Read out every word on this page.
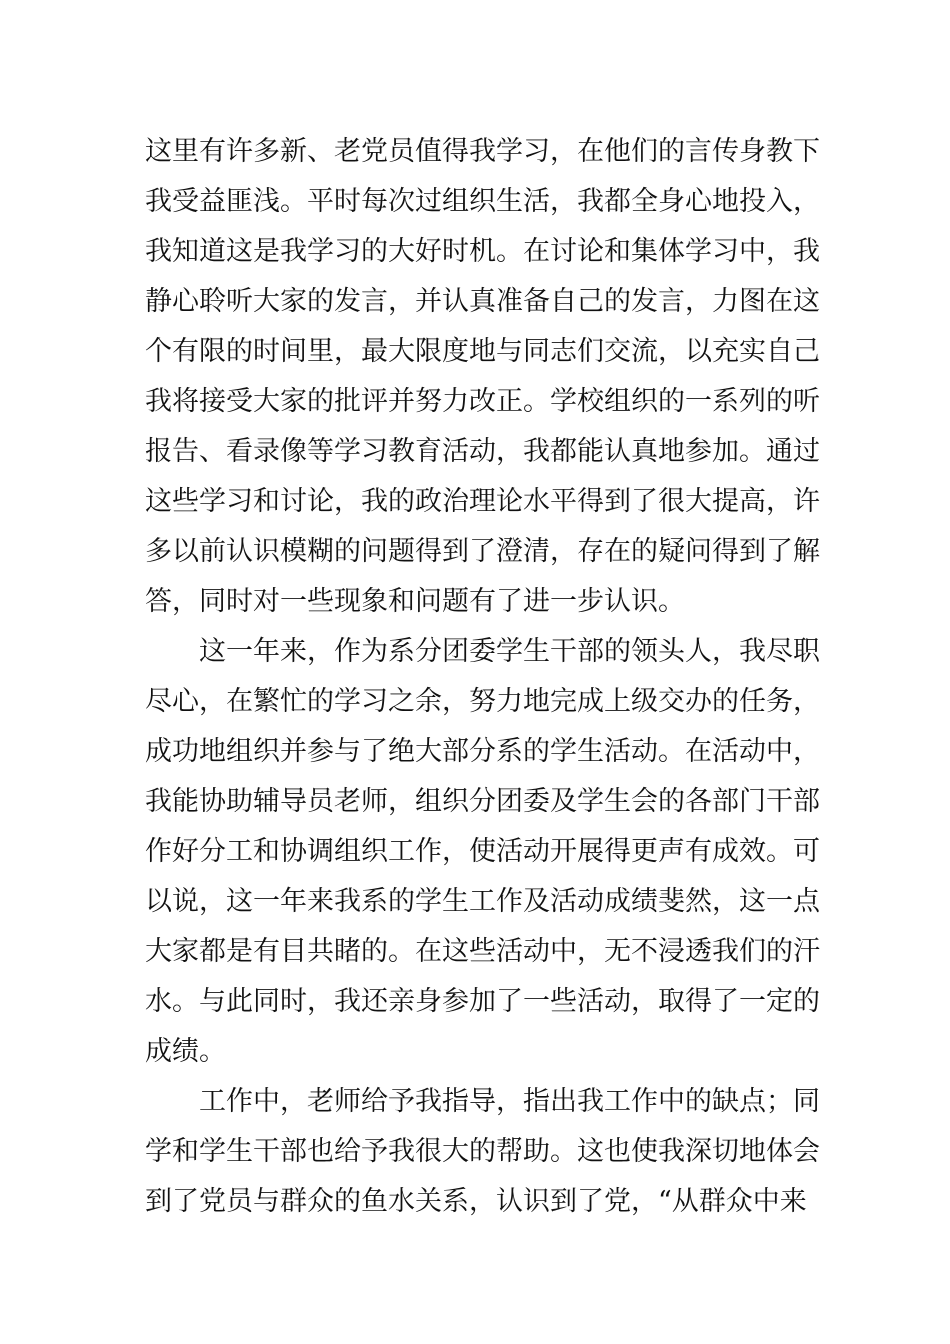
这里有许多新、老党员值得我学习，在他们的言传身教下
我受益匪浅。平时每次过组织生活，我都全身心地投入，
我知道这是我学习的大好时机。在讨论和集体学习中，我
静心聆听大家的发言，并认真准备自己的发言，力图在这
个有限的时间里，最大限度地与同志们交流，以充实自己
我将接受大家的批评并努力改正。学校组织的一系列的听
报告、看录像等学习教育活动，我都能认真地参加。通过
这些学习和讨论，我的政治理论水平得到了很大提高，许
多以前认识模糊的问题得到了澄清，存在的疑问得到了解
答，同时对一些现象和问题有了进一步认识。
这一年来，作为系分团委学生干部的领头人，我尽职
尽心，在繁忙的学习之余，努力地完成上级交办的任务，
成功地组织并参与了绝大部分系的学生活动。在活动中，
我能协助辅导员老师，组织分团委及学生会的各部门干部
作好分工和协调组织工作，使活动开展得更声有成效。可
以说，这一年来我系的学生工作及活动成绩斐然，这一点
大家都是有目共睹的。在这些活动中，无不浸透我们的汗
水。与此同时，我还亲身参加了一些活动，取得了一定的
成绩。
工作中，老师给予我指导，指出我工作中的缺点；同
学和学生干部也给予我很大的帮助。这也使我深切地体会
到了党员与群众的鱼水关系，认识到了党，“从群众中来
